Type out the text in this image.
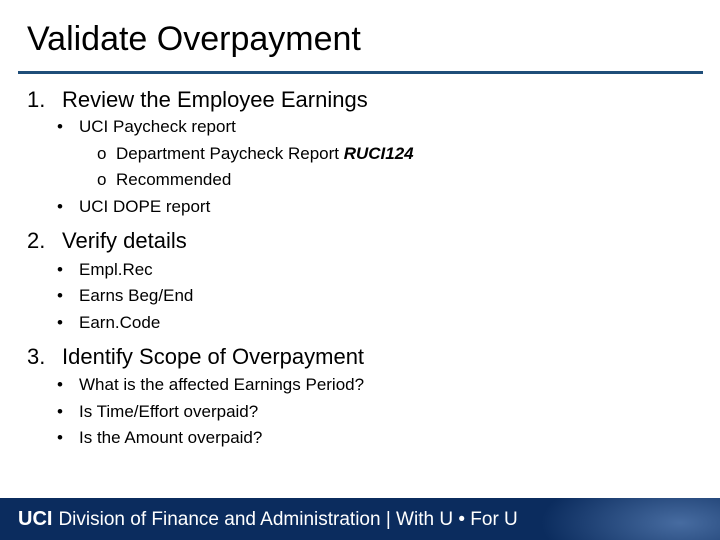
Validate Overpayment
1. Review the Employee Earnings
• UCI Paycheck report
o Department Paycheck Report RUCI124
o Recommended
• UCI DOPE report
2. Verify details
• Empl.Rec
• Earns Beg/End
• Earn.Code
3. Identify Scope of Overpayment
• What is the affected Earnings Period?
• Is Time/Effort overpaid?
• Is the Amount overpaid?
UCI Division of Finance and Administration | With U • For U
